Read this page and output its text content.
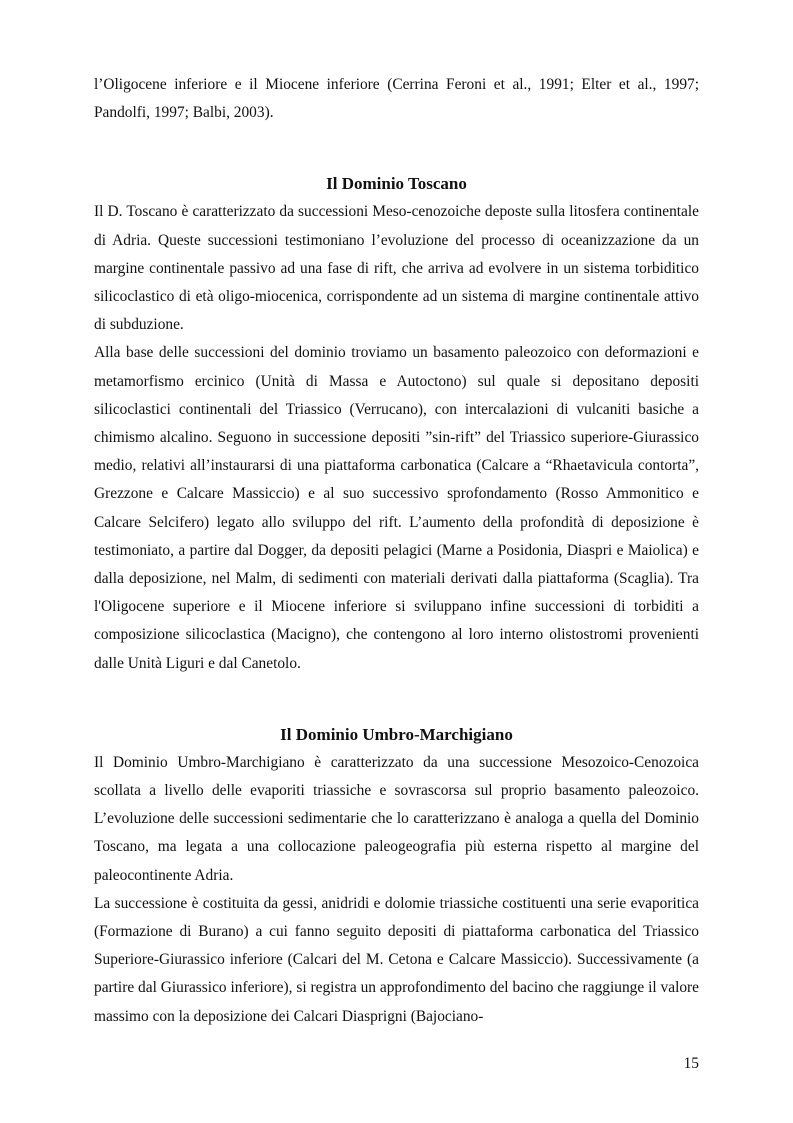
l’Oligocene inferiore e il Miocene inferiore (Cerrina Feroni et al., 1991; Elter et al., 1997; Pandolfi, 1997; Balbi, 2003).

Il Dominio Toscano

Il D. Toscano è caratterizzato da successioni Meso-cenozoiche deposte sulla litosfera continentale di Adria. Queste successioni testimoniano l’evoluzione del processo di oceanizzazione da un margine continentale passivo ad una fase di rift, che arriva ad evolvere in un sistema torbiditico silicoclastico di età oligo-miocenica, corrispondente ad un sistema di margine continentale attivo di subduzione.

Alla base delle successioni del dominio troviamo un basamento paleozoico con deformazioni e metamorfismo ercinico (Unità di Massa e Autoctono) sul quale si depositano depositi silicoclastici continentali del Triassico (Verrucano), con intercalazioni di vulcaniti basiche a chimismo alcalino. Seguono in successione depositi ”sin-rift” del Triassico superiore-Giurassico medio, relativi all’instaurarsi di una piattaforma carbonatica (Calcare a “Rhaetavicula contorta”, Grezzone e Calcare Massiccio) e al suo successivo sprofondamento (Rosso Ammonitico e Calcare Selcifero) legato allo sviluppo del rift. L’aumento della profondità di deposizione è testimoniato, a partire dal Dogger, da depositi pelagici (Marne a Posidonia, Diaspri e Maiolica) e dalla deposizione, nel Malm, di sedimenti con materiali derivati dalla piattaforma (Scaglia). Tra l'Oligocene superiore e il Miocene inferiore si sviluppano infine successioni di torbiditi a composizione silicoclastica (Macigno), che contengono al loro interno olistostromi provenienti dalle Unità Liguri e dal Canetolo.

Il Dominio Umbro-Marchigiano

Il Dominio Umbro-Marchigiano è caratterizzato da una successione Mesozoico-Cenozoica scollata a livello delle evaporiti triassiche e sovrascorsa sul proprio basamento paleozoico. L’evoluzione delle successioni sedimentarie che lo caratterizzano è analoga a quella del Dominio Toscano, ma legata a una collocazione paleogeografia più esterna rispetto al margine del paleocontinente Adria.

La successione è costituita da gessi, anidridi e dolomie triassiche costituenti una serie evaporitica (Formazione di Burano) a cui fanno seguito depositi di piattaforma carbonatica del Triassico Superiore-Giurassico inferiore (Calcari del M. Cetona e Calcare Massiccio). Successivamente (a partire dal Giurassico inferiore), si registra un approfondimento del bacino che raggiunge il valore massimo con la deposizione dei Calcari Diasprigni (Bajociano-

15
